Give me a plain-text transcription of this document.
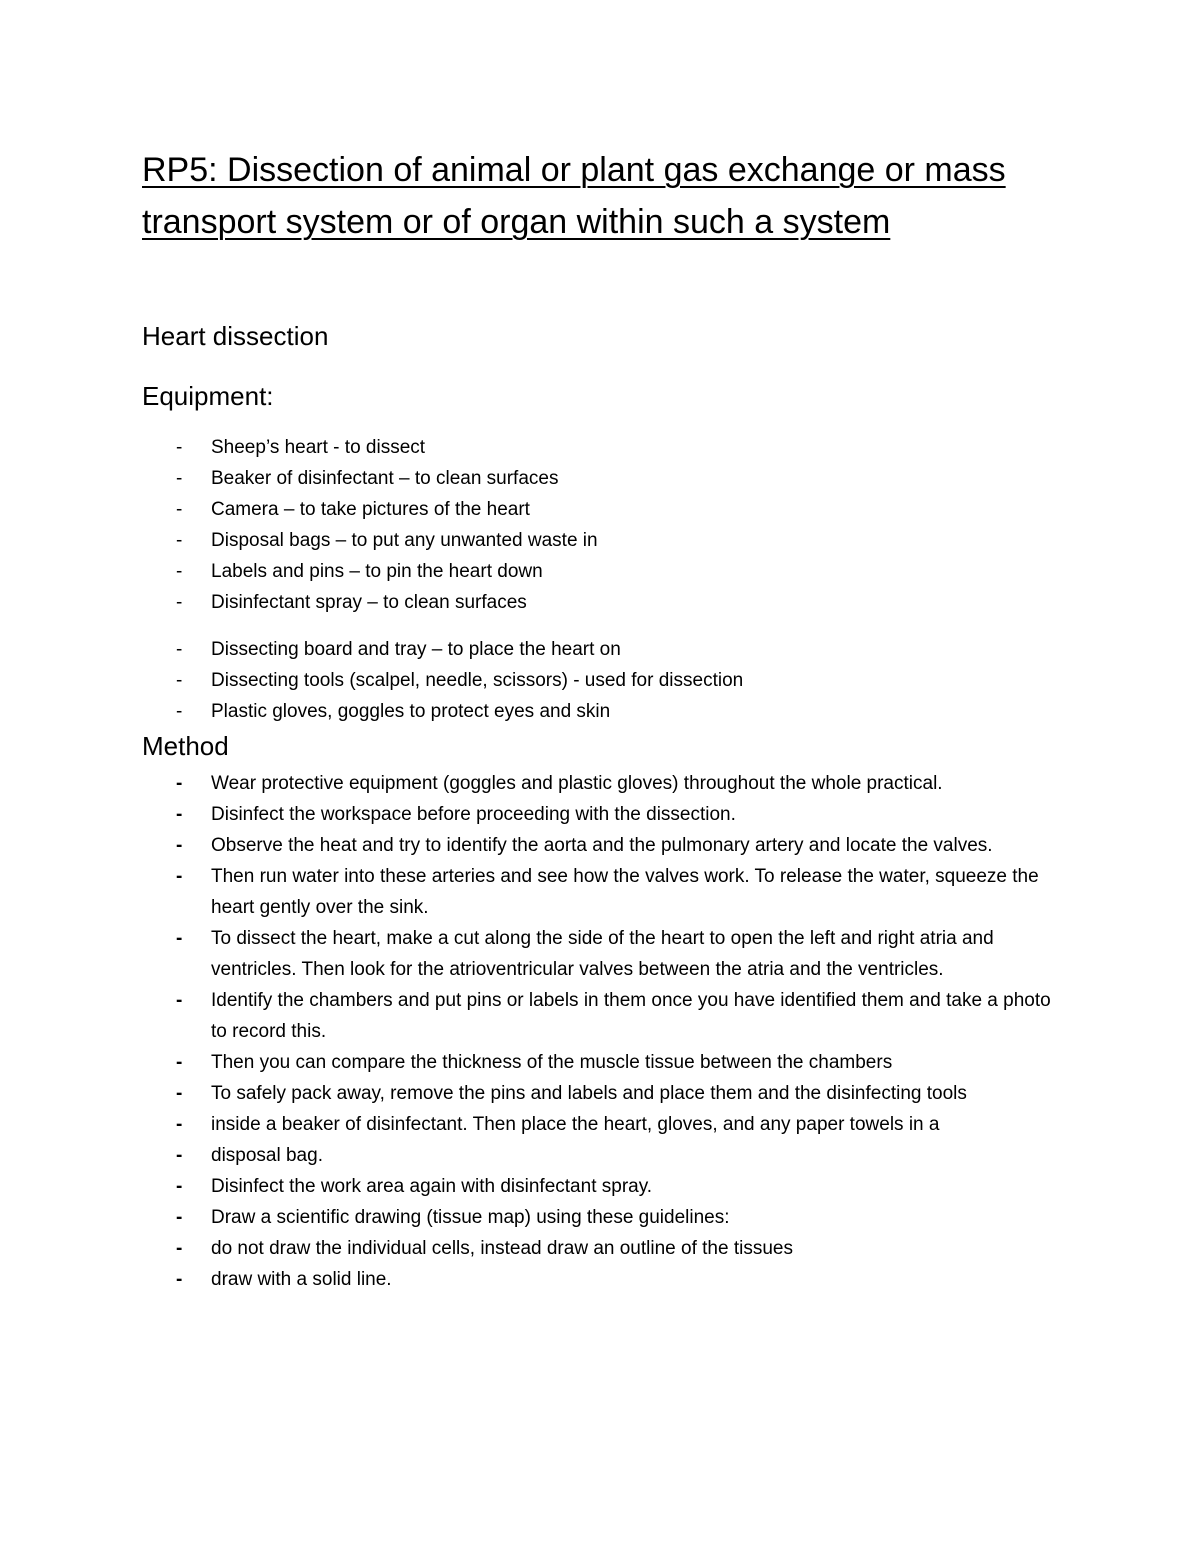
RP5: Dissection of animal or plant gas exchange or mass transport system or of organ within such a system
Heart dissection
Equipment:
- Sheep’s heart - to dissect
- Beaker of disinfectant – to clean surfaces
- Camera – to take pictures of the heart
- Disposal bags – to put any unwanted waste in
- Labels and pins – to pin the heart down
- Disinfectant spray – to clean surfaces
- Dissecting board and tray – to place the heart on
- Dissecting tools (scalpel, needle, scissors) - used for dissection
- Plastic gloves, goggles to protect eyes and skin
Method
- Wear protective equipment (goggles and plastic gloves) throughout the whole practical.
- Disinfect the workspace before proceeding with the dissection.
- Observe the heat and try to identify the aorta and the pulmonary artery and locate the valves.
- Then run water into these arteries and see how the valves work. To release the water, squeeze the heart gently over the sink.
- To dissect the heart, make a cut along the side of the heart to open the left and right atria and ventricles. Then look for the atrioventricular valves between the atria and the ventricles.
- Identify the chambers and put pins or labels in them once you have identified them and take a photo to record this.
- Then you can compare the thickness of the muscle tissue between the chambers
- To safely pack away, remove the pins and labels and place them and the disinfecting tools
- inside a beaker of disinfectant. Then place the heart, gloves, and any paper towels in a
- disposal bag.
- Disinfect the work area again with disinfectant spray.
- Draw a scientific drawing (tissue map) using these guidelines:
- do not draw the individual cells, instead draw an outline of the tissues
- draw with a solid line.
